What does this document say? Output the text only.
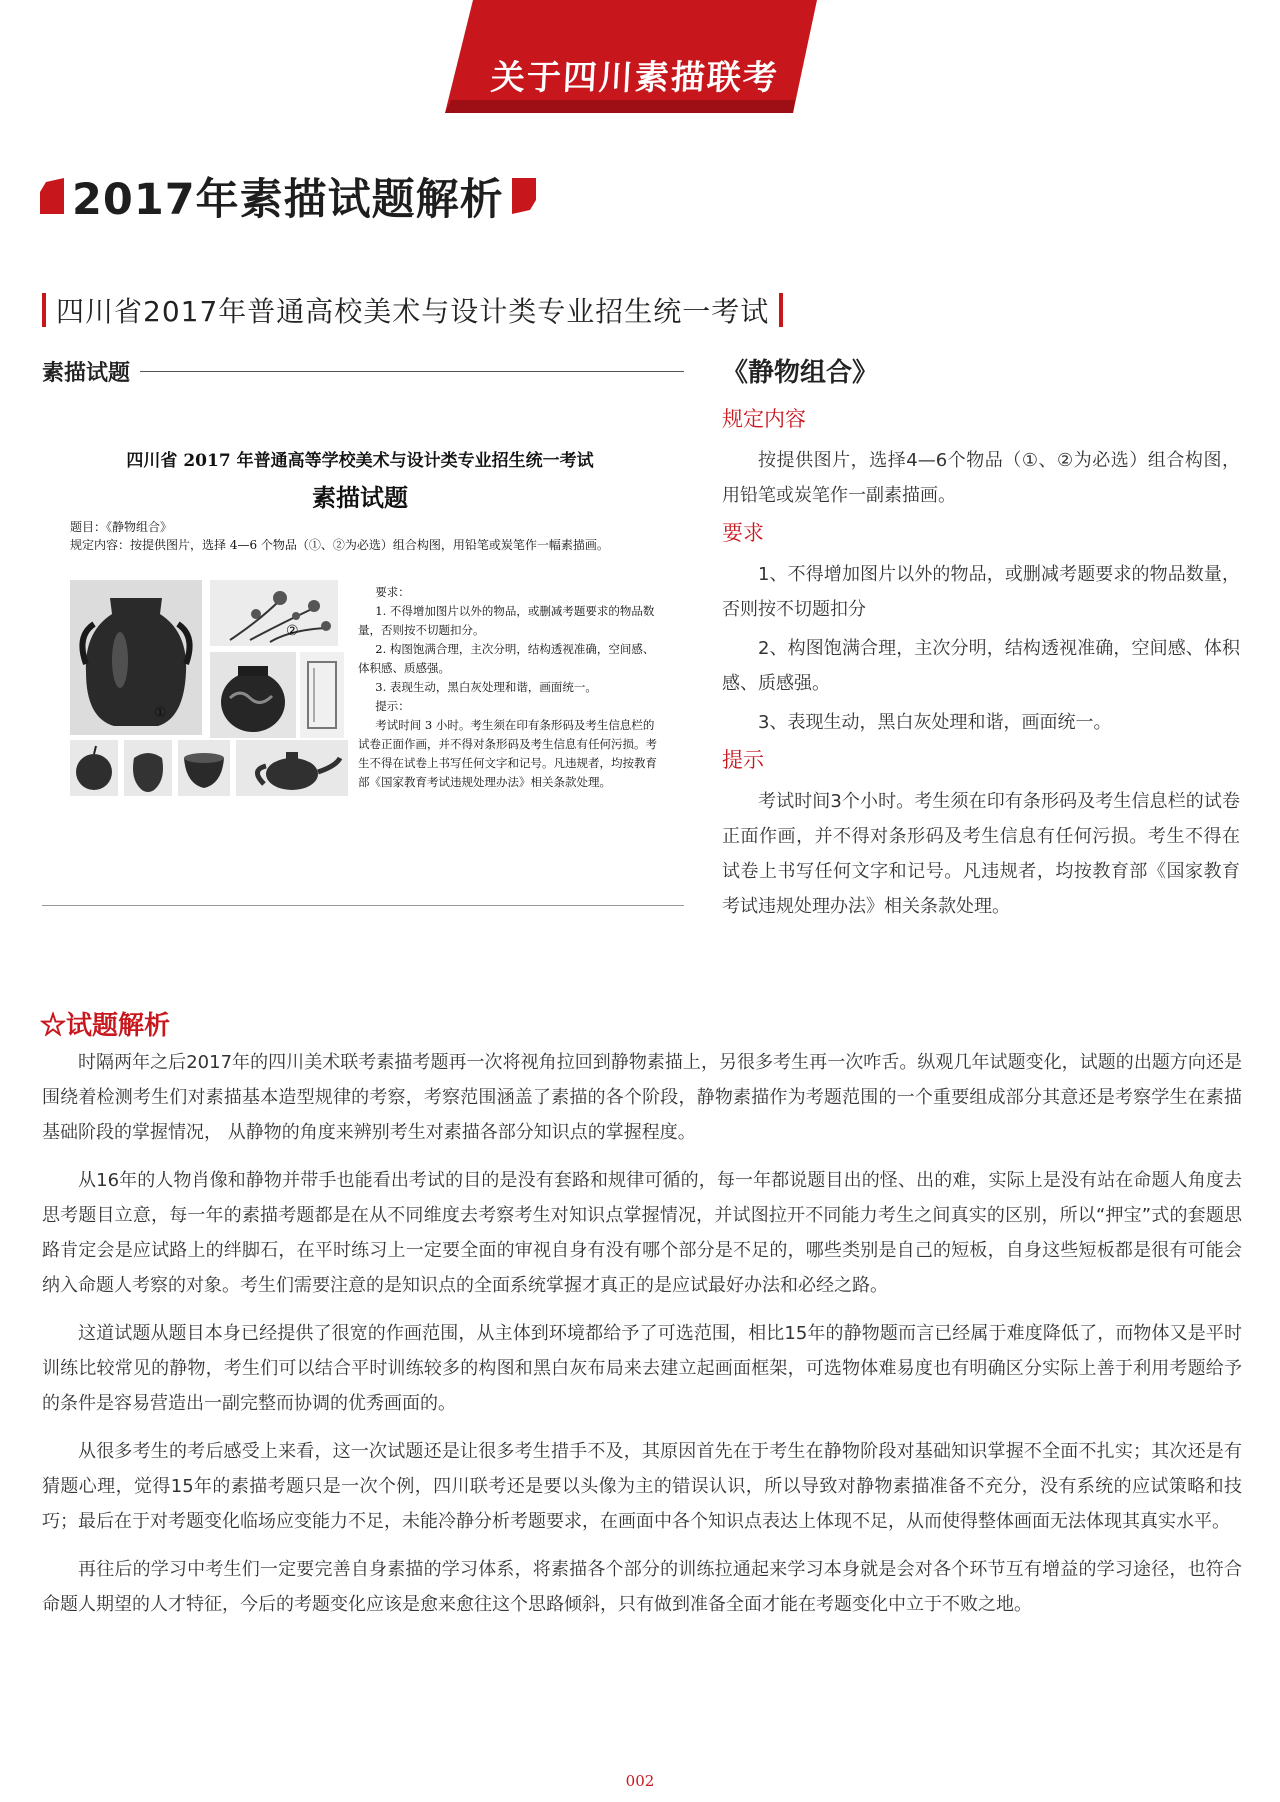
关于四川素描联考
2017年素描试题解析
四川省2017年普通高校美术与设计类专业招生统一考试
素描试题
四川省 2017 年普通高等学校美术与设计类专业招生统一考试
素描试题
题目：《静物组合》
规定内容：按提供图片，选择 4—6 个物品（①、②为必选）组合构图，用铅笔或炭笔作一幅素描画。
①
②

要求：

1. 不得增加图片以外的物品，或删减考题要求的物品数量，否则按不切题扣分。

2. 构图饱满合理，主次分明，结构透视准确，空间感、体积感、质感强。

3. 表现生动，黑白灰处理和谐，画面统一。

提示：

考试时间 3 小时。考生须在印有条形码及考生信息栏的试卷正面作画，并不得对条形码及考生信息有任何污损。考生不得在试卷上书写任何文字和记号。凡违规者，均按教育部《国家教育考试违规处理办法》相关条款处理。

《静物组合》
规定内容

按提供图片，选择4—6个物品（①、②为必选）组合构图，用铅笔或炭笔作一副素描画。

要求

1、不得增加图片以外的物品，或删减考题要求的物品数量，否则按不切题扣分

2、构图饱满合理，主次分明，结构透视准确，空间感、体积感、质感强。

3、表现生动，黑白灰处理和谐，画面统一。

提示

考试时间3个小时。考生须在印有条形码及考生信息栏的试卷正面作画，并不得对条形码及考生信息有任何污损。考生不得在试卷上书写任何文字和记号。凡违规者，均按教育部《国家教育考试违规处理办法》相关条款处理。

☆试题解析

时隔两年之后2017年的四川美术联考素描考题再一次将视角拉回到静物素描上，另很多考生再一次咋舌。纵观几年试题变化，试题的出题方向还是围绕着检测考生们对素描基本造型规律的考察，考察范围涵盖了素描的各个阶段，静物素描作为考题范围的一个重要组成部分其意还是考察学生在素描基础阶段的掌握情况， 从静物的角度来辨别考生对素描各部分知识点的掌握程度。

从16年的人物肖像和静物并带手也能看出考试的目的是没有套路和规律可循的，每一年都说题目出的怪、出的难，实际上是没有站在命题人角度去思考题目立意，每一年的素描考题都是在从不同维度去考察考生对知识点掌握情况，并试图拉开不同能力考生之间真实的区别，所以“押宝”式的套题思路肯定会是应试路上的绊脚石，在平时练习上一定要全面的审视自身有没有哪个部分是不足的，哪些类别是自己的短板，自身这些短板都是很有可能会纳入命题人考察的对象。考生们需要注意的是知识点的全面系统掌握才真正的是应试最好办法和必经之路。

这道试题从题目本身已经提供了很宽的作画范围，从主体到环境都给予了可选范围，相比15年的静物题而言已经属于难度降低了，而物体又是平时训练比较常见的静物，考生们可以结合平时训练较多的构图和黑白灰布局来去建立起画面框架，可选物体难易度也有明确区分实际上善于利用考题给予的条件是容易营造出一副完整而协调的优秀画面的。

从很多考生的考后感受上来看，这一次试题还是让很多考生措手不及，其原因首先在于考生在静物阶段对基础知识掌握不全面不扎实；其次还是有猜题心理，觉得15年的素描考题只是一次个例，四川联考还是要以头像为主的错误认识，所以导致对静物素描准备不充分，没有系统的应试策略和技巧；最后在于对考题变化临场应变能力不足，未能冷静分析考题要求，在画面中各个知识点表达上体现不足，从而使得整体画面无法体现其真实水平。

再往后的学习中考生们一定要完善自身素描的学习体系，将素描各个部分的训练拉通起来学习本身就是会对各个环节互有增益的学习途径，也符合命题人期望的人才特征，今后的考题变化应该是愈来愈往这个思路倾斜，只有做到准备全面才能在考题变化中立于不败之地。

002
